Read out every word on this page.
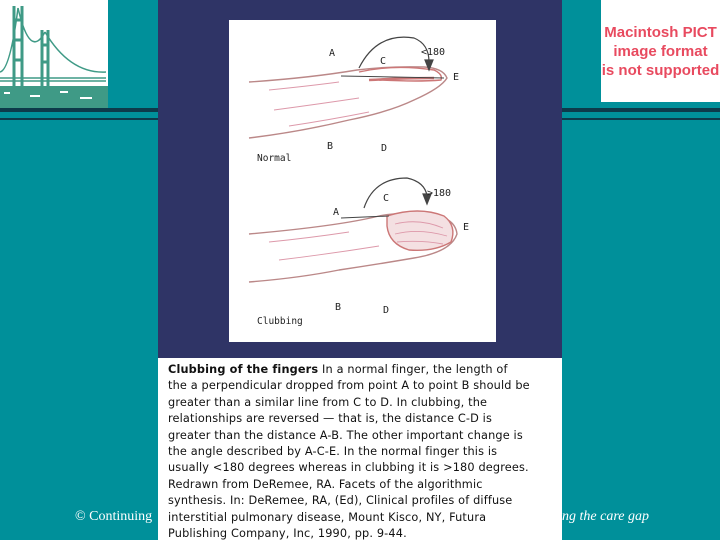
Macintosh PICT
image format
is not supported
A
C
<180
E
B	D
Normal
A
C	>180
E
B	D
Clubbing
Clubbing of the fingers In a normal finger, the length of
the a perpendicular dropped from point A to point B should be
greater than a similar line from C to D. In clubbing, the
relationships are reversed — that is, the distance C-D is
greater than the distance A-B. The other important change is
the angle described by A-C-E. In the normal finger this is
usually <180 degrees whereas in clubbing it is >180 degrees.
Redrawn from DeRemee, RA. Facets of the algorithmic
synthesis. In: DeRemee, RA, (Ed), Clinical profiles of diffuse
interstitial pulmonary disease, Mount Kisco, NY, Futura
Publishing Company, Inc, 1990, pp. 9-44.
© Continuing	ng the care gap
